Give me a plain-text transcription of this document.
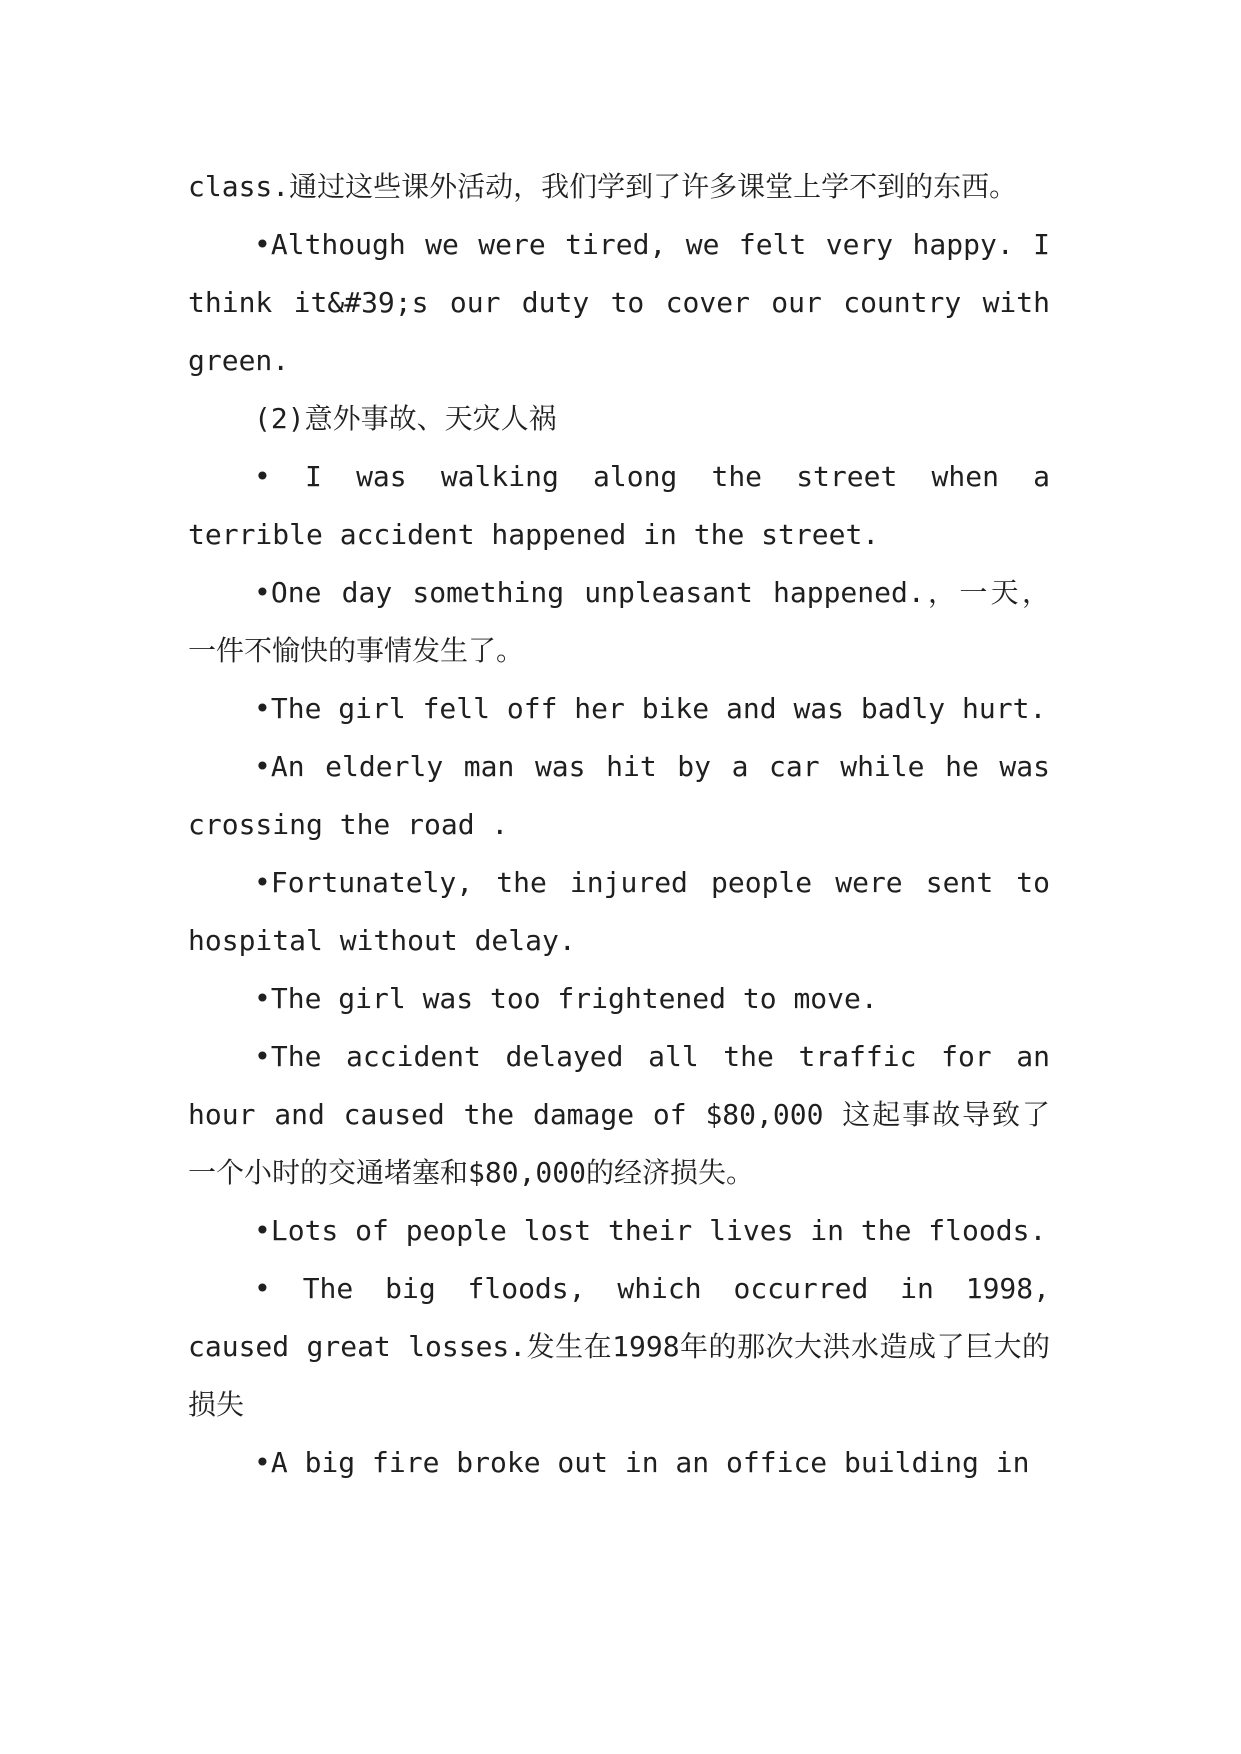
class.通过这些课外活动，我们学到了许多课堂上学不到的东西。

•Although we were tired, we felt very happy. I think it&#39;s our duty to cover our country with green.

(2)意外事故、天灾人祸

• I was walking along the street when a terrible accident happened in the street.

•One day something unpleasant happened.，一天，一件不愉快的事情发生了。

•The girl fell off her bike and was badly hurt.

•An elderly man was hit by a car while he was crossing the road .

•Fortunately, the injured people were sent to hospital without delay.

•The girl was too frightened to move.

•The accident delayed all the traffic for an hour and caused the damage of $80,000 这起事故导致了一个小时的交通堵塞和$80,000的经济损失。

•Lots of people lost their lives in the floods.

• The big floods, which occurred in 1998, caused great losses.发生在1998年的那次大洪水造成了巨大的损失

•A big fire broke out in an office building in
